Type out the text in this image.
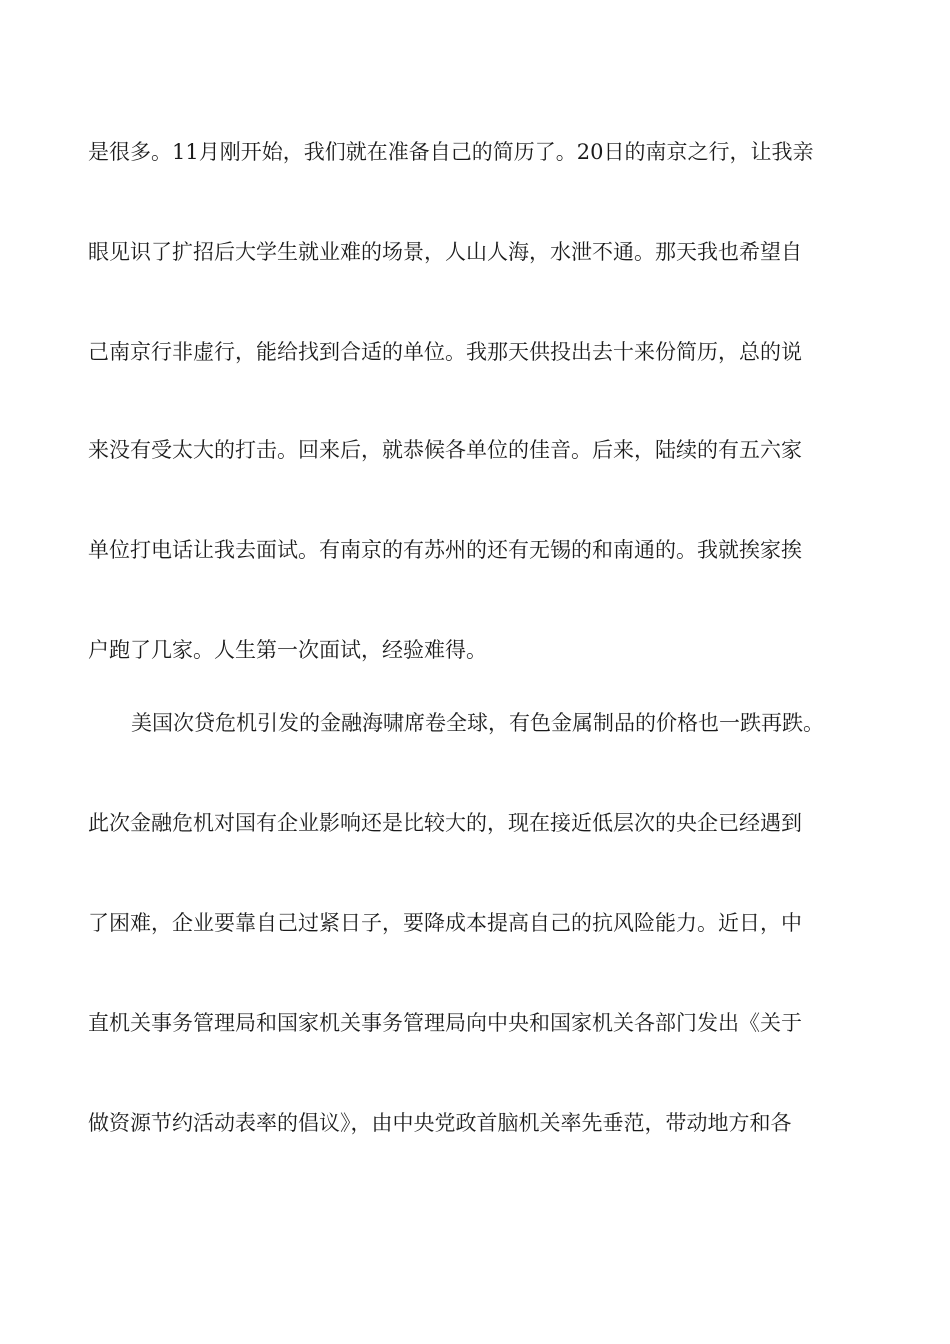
是很多。11月刚开始，我们就在准备自己的简历了。20日的南京之行，让我亲
眼见识了扩招后大学生就业难的场景，人山人海，水泄不通。那天我也希望自
己南京行非虚行，能给找到合适的单位。我那天供投出去十来份简历，总的说
来没有受太大的打击。回来后，就恭候各单位的佳音。后来，陆续的有五六家
单位打电话让我去面试。有南京的有苏州的还有无锡的和南通的。我就挨家挨
户跑了几家。人生第一次面试，经验难得。
美国次贷危机引发的金融海啸席卷全球，有色金属制品的价格也一跌再跌。
此次金融危机对国有企业影响还是比较大的，现在接近低层次的央企已经遇到
了困难，企业要靠自己过紧日子，要降成本提高自己的抗风险能力。近日，中
直机关事务管理局和国家机关事务管理局向中央和国家机关各部门发出《关于
做资源节约活动表率的倡议》，由中央党政首脑机关率先垂范，带动地方和各
